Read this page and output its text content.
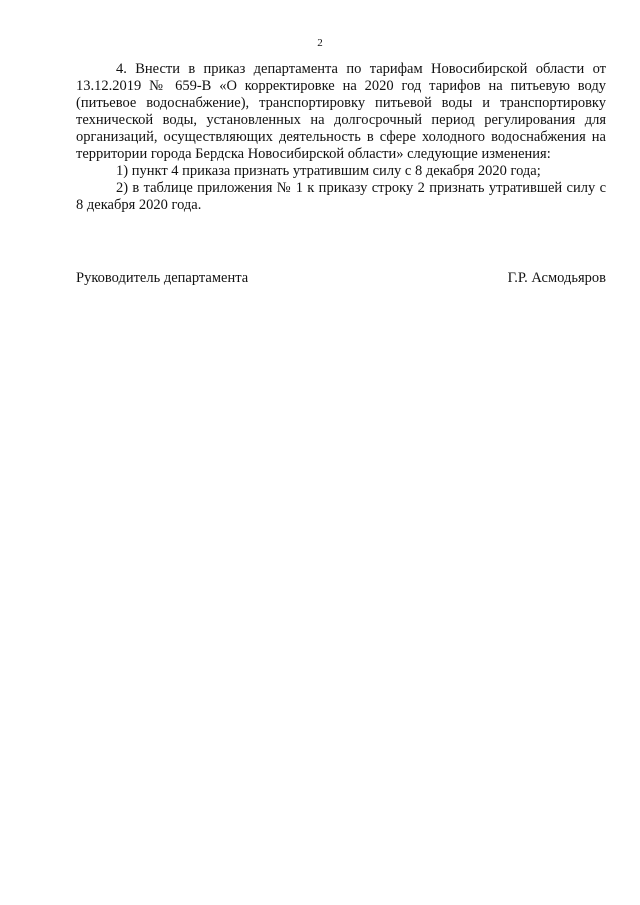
2

4. Внести в приказ департамента по тарифам Новосибирской области от 13.12.2019 № 659-В «О корректировке на 2020 год тарифов на питьевую воду (питьевое водоснабжение), транспортировку питьевой воды и транспортировку технической воды, установленных на долгосрочный период регулирования для организаций, осуществляющих деятельность в сфере холодного водоснабжения на территории города Бердска Новосибирской области» следующие изменения:

1) пункт 4 приказа признать утратившим силу с 8 декабря 2020 года;

2) в таблице приложения № 1 к приказу строку 2 признать утратившей силу с 8 декабря 2020 года.

Руководитель департамента	Г.Р. Асмодьяров
